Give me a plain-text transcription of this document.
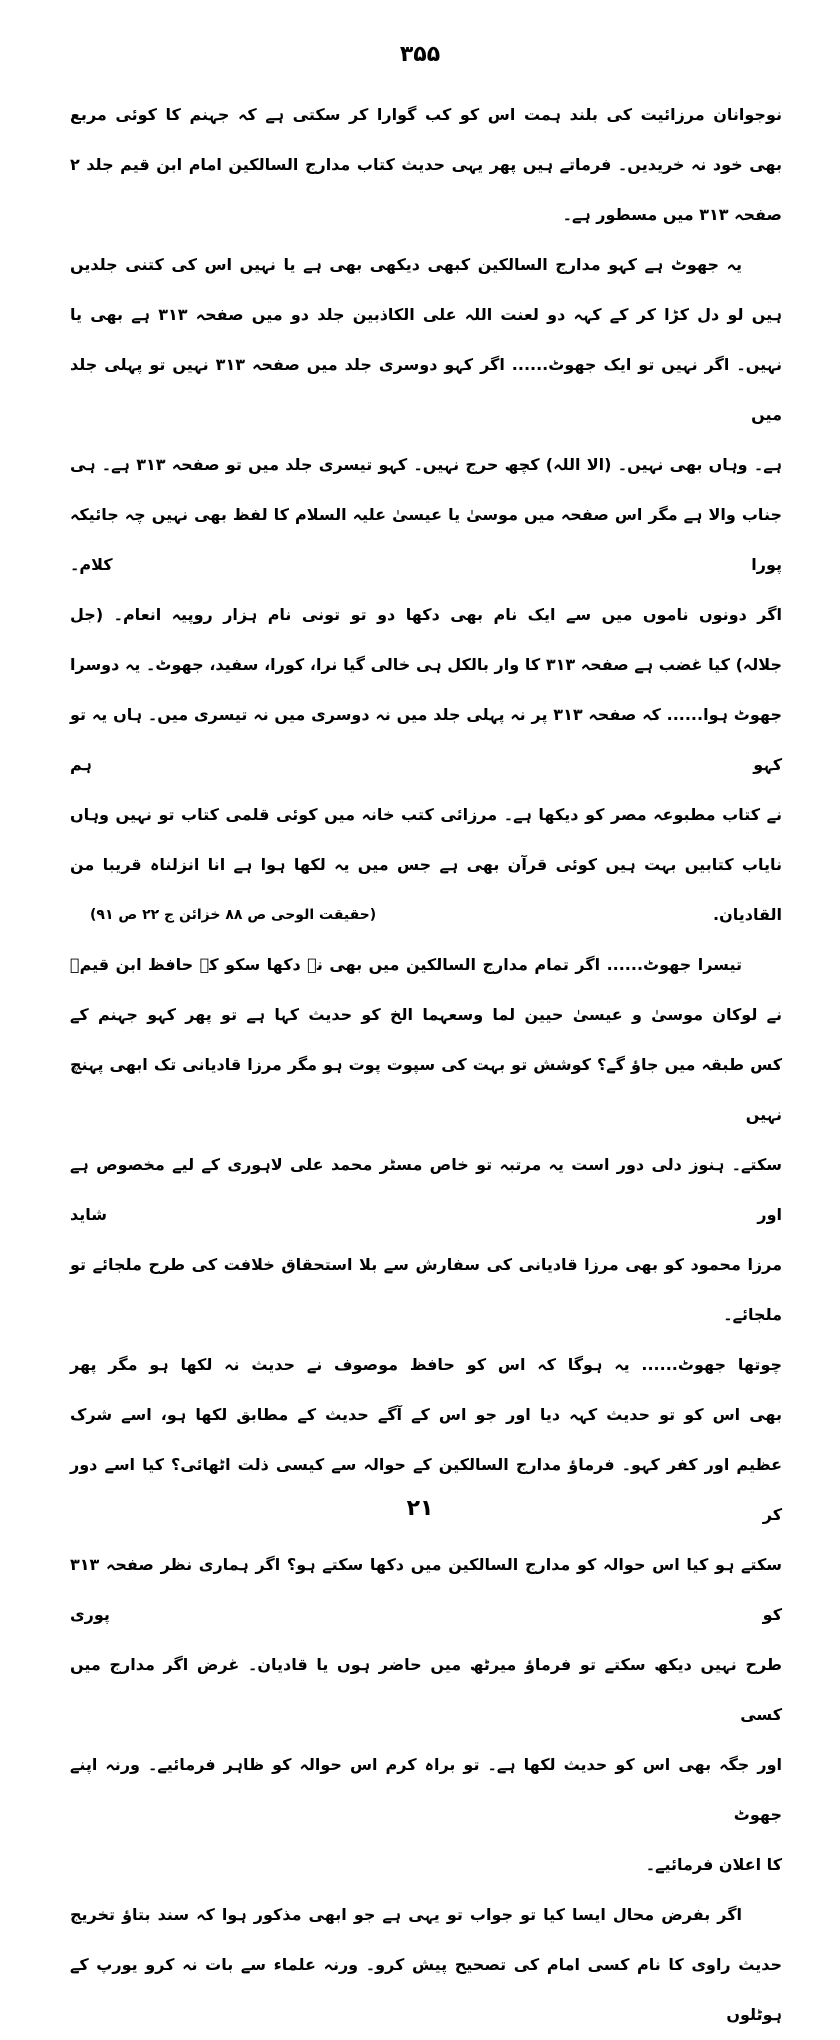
۳۵۵
نوجوانان مرزائیت کی بلند ہمت اس کو کب گوارا کر سکتی ہے کہ جہنم کا کوئی مربع
بھی خود نہ خریدیں۔ فرماتے ہیں پھر یہی حدیث کتاب مدارج السالکین امام ابن قیم جلد ۲
صفحہ ۳۱۳ میں مسطور ہے۔
یہ جھوٹ ہے کہو مدارج السالکین کبھی دیکھی بھی ہے یا نہیں اس کی کتنی جلدیں
ہیں لو دل کڑا کر کے کہہ دو لعنت اللہ علی الکاذبین جلد دو میں صفحہ ۳۱۳ ہے بھی یا
نہیں۔ اگر نہیں تو ایک جھوٹ...... اگر کہو دوسری جلد میں صفحہ ۳۱۳ نہیں تو پہلی جلد میں
ہے۔ وہاں بھی نہیں۔ (الا اللہ) کچھ حرج نہیں۔ کہو تیسری جلد میں تو صفحہ ۳۱۳ ہے۔ ہی
جناب والا ہے مگر اس صفحہ میں موسیٰ یا عیسیٰ علیہ السلام کا لفظ بھی نہیں چہ جائیکہ پورا کلام۔
اگر دونوں ناموں میں سے ایک نام بھی دکھا دو تو تونی نام ہزار روپیہ انعام۔ (جل
جلالہ) کیا غضب ہے صفحہ ۳۱۳ کا وار بالکل ہی خالی گیا نرا، کورا، سفید، جھوٹ۔ یہ دوسرا
جھوٹ ہوا...... کہ صفحہ ۳۱۳ پر نہ پہلی جلد میں نہ دوسری میں نہ تیسری میں۔ ہاں یہ تو کہو ہم
نے کتاب مطبوعہ مصر کو دیکھا ہے۔ مرزائی کتب خانہ میں کوئی قلمی کتاب تو نہیں وہاں
نایاب کتابیں بہت ہیں کوئی قرآن بھی ہے جس میں یہ لکھا ہوا ہے انا انزلناہ قریبا من
القادیان.
(حقیقت الوحی ص ۸۸ خزائن ج ۲۲ ص ۹۱)
تیسرا جھوٹ...... اگر تمام مدارج السالکین میں بھی نہ دکھا سکو کہ حافظ ابن قیمؒ
نے لوکان موسیٰ و عیسیٰ حیین لما وسعہما الخ کو حدیث کہا ہے تو پھر کہو جہنم کے
کس طبقہ میں جاؤ گے؟ کوشش تو بہت کی سپوت پوت ہو مگر مرزا قادیانی تک ابھی پہنچ نہیں
سکتے۔ ہنوز دلی دور است یہ مرتبہ تو خاص مسٹر محمد علی لاہوری کے لیے مخصوص ہے اور شاید
مرزا محمود کو بھی مرزا قادیانی کی سفارش سے بلا استحقاق خلافت کی طرح ملجائے تو ملجائے۔
چوتھا جھوٹ...... یہ ہوگا کہ اس کو حافظ موصوف نے حدیث نہ لکھا ہو مگر پھر
بھی اس کو تو حدیث کہہ دیا اور جو اس کے آگے حدیث کے مطابق لکھا ہو، اسے شرک
عظیم اور کفر کہو۔ فرماؤ مدارج السالکین کے حوالہ سے کیسی ذلت اٹھائی؟ کیا اسے دور کر
سکتے ہو کیا اس حوالہ کو مدارج السالکین میں دکھا سکتے ہو؟ اگر ہماری نظر صفحہ ۳۱۳ کو پوری
طرح نہیں دیکھ سکتے تو فرماؤ میرٹھ میں حاضر ہوں یا قادیان۔ غرض اگر مدارج میں کسی
اور جگہ بھی اس کو حدیث لکھا ہے۔ تو براہ کرم اس حوالہ کو ظاہر فرمائیے۔ ورنہ اپنے جھوٹ
کا اعلان فرمائیے۔
اگر بفرض محال ایسا کیا تو جواب تو یہی ہے جو ابھی مذکور ہوا کہ سند بتاؤ تخریج
حدیث راوی کا نام کسی امام کی تصحیح پیش کرو۔ ورنہ علماء سے بات نہ کرو یورپ کے ہوٹلوں
۲۱
